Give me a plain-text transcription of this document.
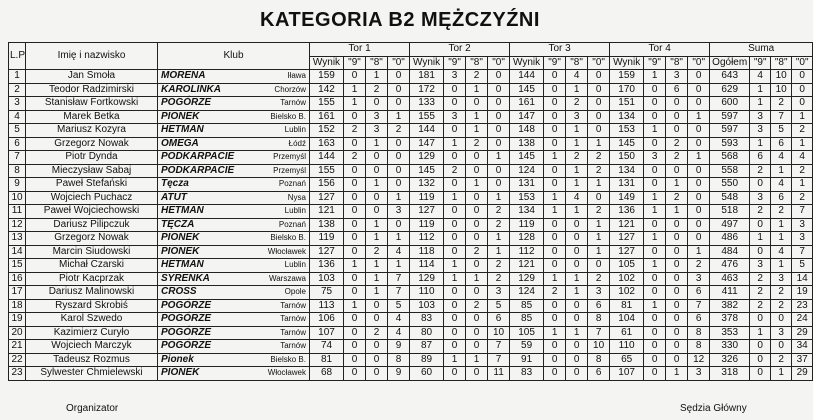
KATEGORIA B2 MĘŻCZYŹNI
L.P	Imię i nazwisko	Klub	Tor 1				Tor 2				Tor 3				Tor 4				Suma			
			Wynik	"9"	"8"	"0"	Wynik	"9"	"8"	"0"	Wynik	"9"	"8"	"0"	Wynik	"9"	"8"	"0"	Ogółem	"9"	"8"	"0"
1	Jan Smoła	MORENA Iława	159	0	1	0	181	3	2	0	144	0	4	0	159	1	3	0	643	4	10	0
2	Teodor Radzimirski	KAROLINKA Chorzów	142	1	2	0	172	0	1	0	145	0	1	0	170	0	6	0	629	1	10	0
3	Stanisław Fortkowski	POGÓRZE Tarnów	155	1	0	0	133	0	0	0	161	0	2	0	151	0	0	0	600	1	2	0
4	Marek Betka	PIONEK Bielsko B.	161	0	3	1	155	3	1	0	147	0	3	0	134	0	0	1	597	3	7	1
5	Mariusz Kozyra	HETMAN Lublin	152	2	3	2	144	0	1	0	148	0	1	0	153	1	0	0	597	3	5	2
6	Grzegorz Nowak	OMEGA Łódź	163	0	1	0	147	1	2	0	138	0	1	1	145	0	2	0	593	1	6	1
7	Piotr Dynda	PODKARPACIE Przemyśl	144	2	0	0	129	0	0	1	145	1	2	2	150	3	2	1	568	6	4	4
8	Mieczysław Sabaj	PODKARPACIE Przemyśl	155	0	0	0	145	2	0	0	124	0	1	2	134	0	0	0	558	2	1	2
9	Paweł Stefański	Tęcza Poznań	156	0	1	0	132	0	1	0	131	0	1	1	131	0	1	0	550	0	4	1
10	Wojciech Puchacz	ATUT Nysa	127	0	0	1	119	1	0	1	153	1	4	0	149	1	2	0	548	3	6	2
11	Paweł Wojciechowski	HETMAN Lublin	121	0	0	3	127	0	0	2	134	1	1	2	136	1	1	0	518	2	2	7
12	Dariusz Pilipczuk	TĘCZA Poznań	138	0	1	0	119	0	0	2	119	0	0	1	121	0	0	0	497	0	1	3
13	Grzegorz Nowak	PIONEK Bielsko B.	119	0	1	1	112	0	0	1	128	0	0	1	127	1	0	0	486	1	1	3
14	Marcin Siudowski	PIONEK Włocławek	127	0	2	4	118	0	2	1	112	0	0	1	127	0	0	1	484	0	4	7
15	Michał Czarski	HETMAN Lublin	136	1	1	1	114	1	0	2	121	0	0	0	105	1	0	2	476	3	1	5
16	Piotr Kacprzak	SYRENKA Warszawa	103	0	1	7	129	1	1	2	129	1	1	2	102	0	0	3	463	2	3	14
17	Dariusz Malinowski	CROSS Opole	75	0	1	7	110	0	0	3	124	2	1	3	102	0	0	6	411	2	2	19
18	Ryszard Skrobiś	POGÓRZE Tarnów	113	1	0	5	103	0	2	5	85	0	0	6	81	1	0	7	382	2	2	23
19	Karol Szwedo	POGÓRZE Tarnów	106	0	0	4	83	0	0	6	85	0	0	8	104	0	0	6	378	0	0	24
20	Kazimierz Curyło	POGÓRZE Tarnów	107	0	2	4	80	0	0	10	105	1	1	7	61	0	0	8	353	1	3	29
21	Wojciech Marczyk	POGÓRZE Tarnów	74	0	0	9	87	0	0	7	59	0	0	10	110	0	0	8	330	0	0	34
22	Tadeusz Rozmus	Pionek Bielsko B.	81	0	0	8	89	1	1	7	91	0	0	8	65	0	0	12	326	0	2	37
23	Sylwester Chmielewski	PIONEK Włocławek	68	0	0	9	60	0	0	11	83	0	0	6	107	0	1	3	318	0	1	29
Organizator	Sędzia Główny
